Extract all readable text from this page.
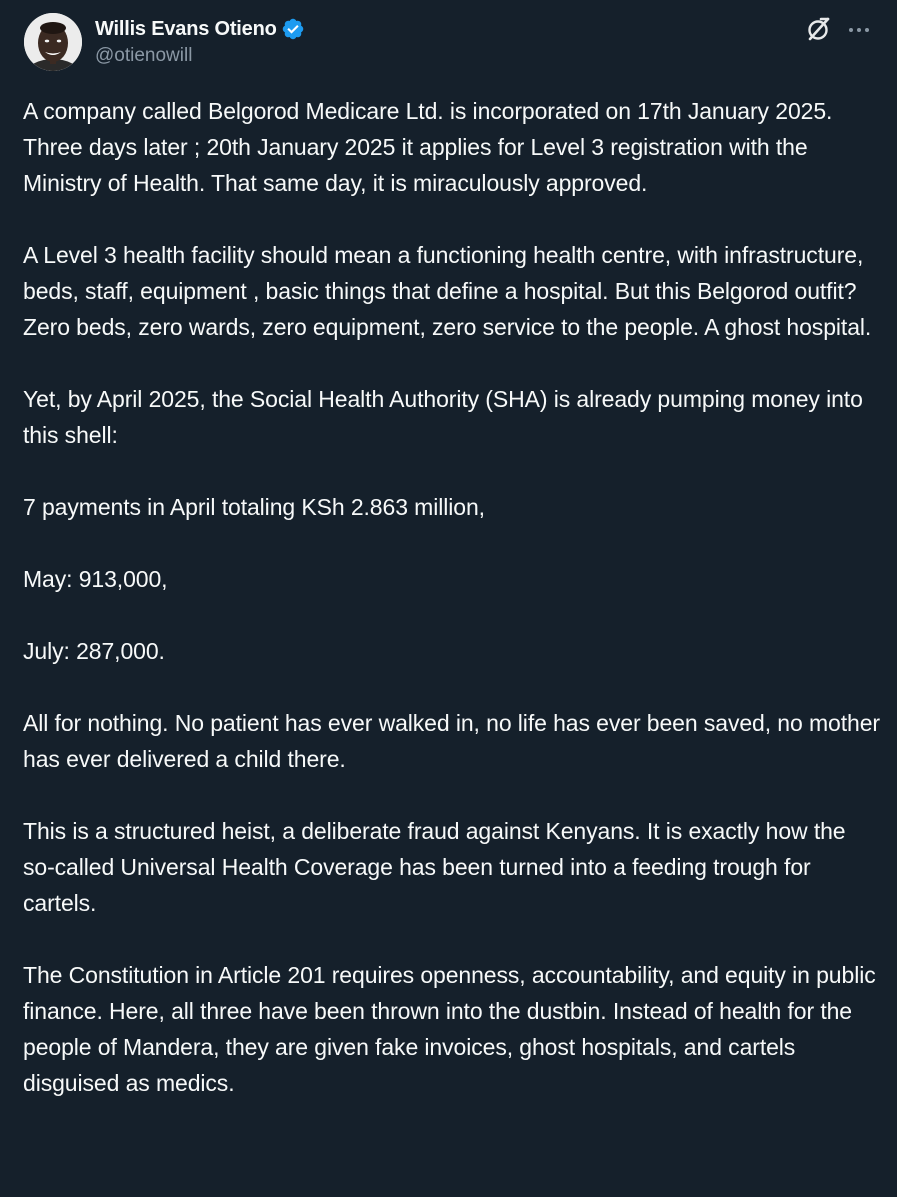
Willis Evans Otieno
@otienowill

A company called Belgorod Medicare Ltd. is incorporated on 17th January 2025.

Three days later ; 20th January 2025 it applies for Level 3 registration with the Ministry of Health. That same day, it is miraculously approved.

A Level 3 health facility should mean a functioning health centre, with infrastructure, beds, staff, equipment , basic things that define a hospital. But this Belgorod outfit? Zero beds, zero wards, zero equipment, zero service to the people. A ghost hospital.

Yet, by April 2025, the Social Health Authority (SHA) is already pumping money into this shell:

7 payments in April totaling KSh 2.863 million,

May: 913,000,

July: 287,000.

All for nothing. No patient has ever walked in, no life has ever been saved, no mother has ever delivered a child there.

This is a structured heist, a deliberate fraud against Kenyans. It is exactly how the so-called Universal Health Coverage has been turned into a feeding trough for cartels.

The Constitution in Article 201 requires openness, accountability, and equity in public finance. Here, all three have been thrown into the dustbin. Instead of health for the people of Mandera, they are given fake invoices, ghost hospitals, and cartels disguised as medics.
